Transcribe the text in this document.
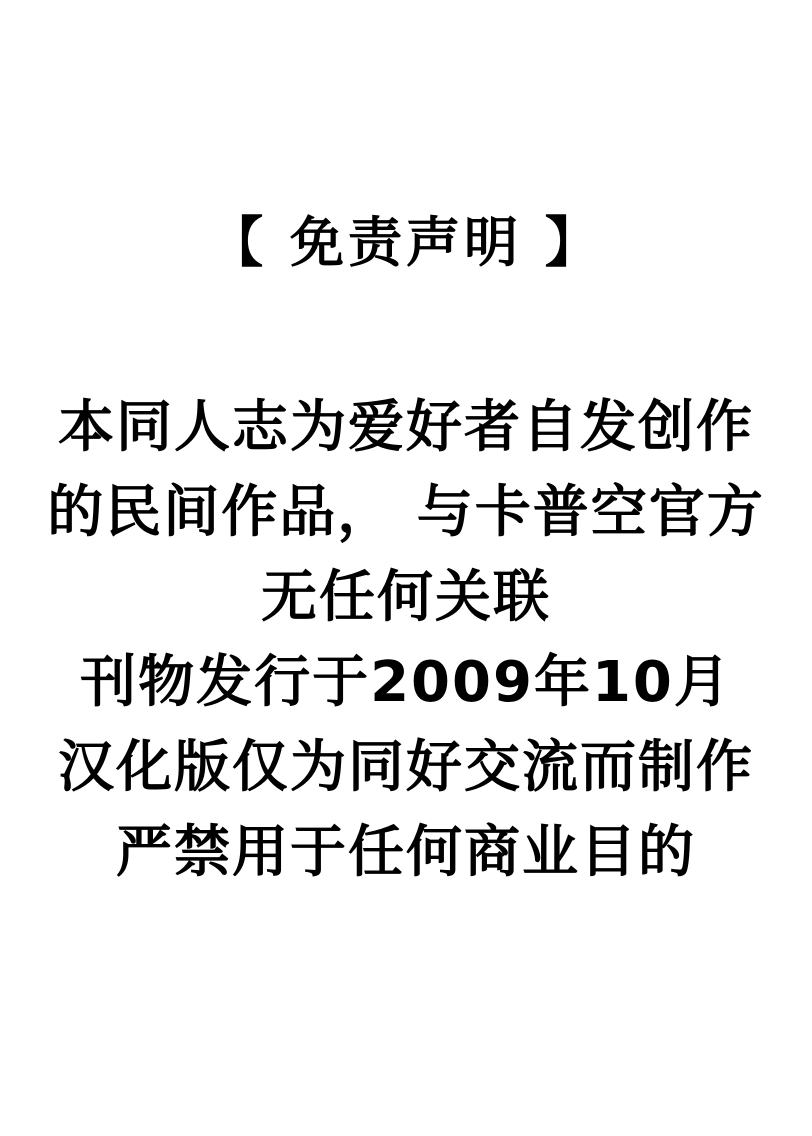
【 免责声明 】

本同人志为爱好者自发创作

的民间作品， 与卡普空官方

无任何关联

刊物发行于2009年10月

汉化版仅为同好交流而制作

严禁用于任何商业目的
